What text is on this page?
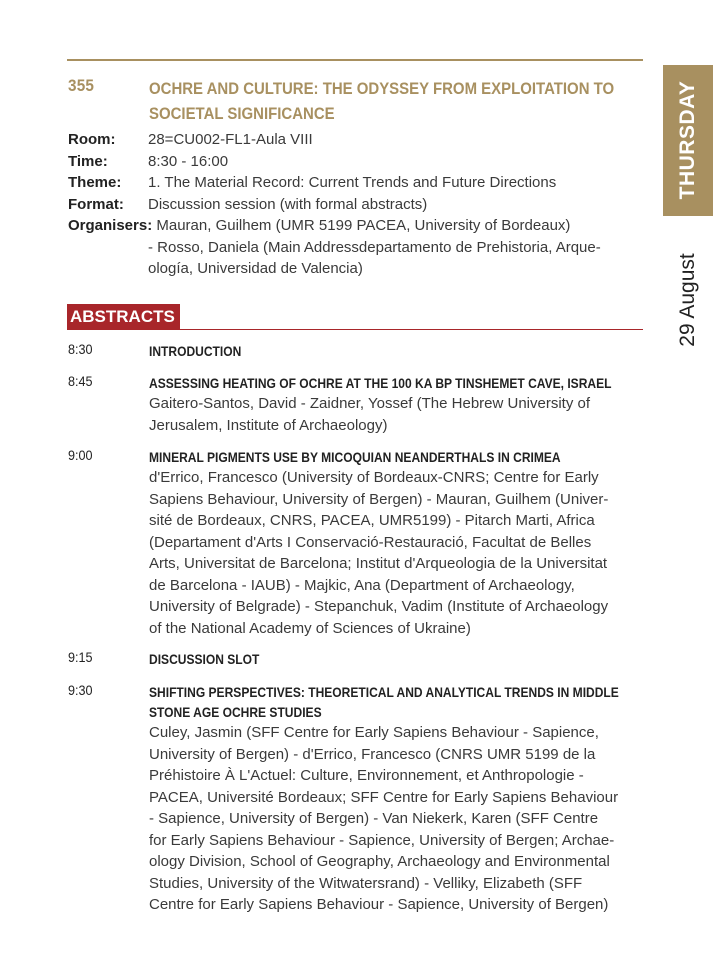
355	OCHRE AND CULTURE: THE ODYSSEY FROM EXPLOITATION TO
SOCIETAL SIGNIFICANCE
Room:	28=CU002-FL1-Aula VIII
Time:	8:30 - 16:00
Theme:	1. The Material Record: Current Trends and Future Directions
Format:	Discussion session (with formal abstracts)
Organisers: Mauran, Guilhem (UMR 5199 PACEA, University of Bordeaux)
- Rosso, Daniela (Main Addressdepartamento de Prehistoria, Arque-
ología, Universidad de Valencia)
ABSTRACTS
8:30	INTRODUCTION
8:45	ASSESSING HEATING OF OCHRE AT THE 100 KA BP TINSHEMET CAVE, ISRAEL
Gaitero-Santos, David - Zaidner, Yossef (The Hebrew University of
Jerusalem, Institute of Archaeology)
9:00	MINERAL PIGMENTS USE BY MICOQUIAN NEANDERTHALS IN CRIMEA
d'Errico, Francesco (University of Bordeaux-CNRS; Centre for Early
Sapiens Behaviour, University of Bergen) - Mauran, Guilhem (Univer-
sité de Bordeaux, CNRS, PACEA, UMR5199) - Pitarch Marti, Africa
(Departament d'Arts I Conservació-Restauració, Facultat de Belles
Arts, Universitat de Barcelona; Institut d'Arqueologia de la Universitat
de Barcelona - IAUB) - Majkic, Ana (Department of Archaeology,
University of Belgrade) - Stepanchuk, Vadim (Institute of Archaeology
of the National Academy of Sciences of Ukraine)
9:15	DISCUSSION SLOT
9:30	SHIFTING PERSPECTIVES: THEORETICAL AND ANALYTICAL TRENDS IN MIDDLE
STONE AGE OCHRE STUDIES
Culey, Jasmin (SFF Centre for Early Sapiens Behaviour - Sapience,
University of Bergen) - d'Errico, Francesco (CNRS UMR 5199 de la
Préhistoire À L'Actuel: Culture, Environnement, et Anthropologie -
PACEA, Université Bordeaux; SFF Centre for Early Sapiens Behaviour
- Sapience, University of Bergen) - Van Niekerk, Karen (SFF Centre
for Early Sapiens Behaviour - Sapience, University of Bergen; Archae-
ology Division, School of Geography, Archaeology and Environmental
Studies, University of the Witwatersrand) - Velliky, Elizabeth (SFF
Centre for Early Sapiens Behaviour - Sapience, University of Bergen)
THURSDAY
29 August
